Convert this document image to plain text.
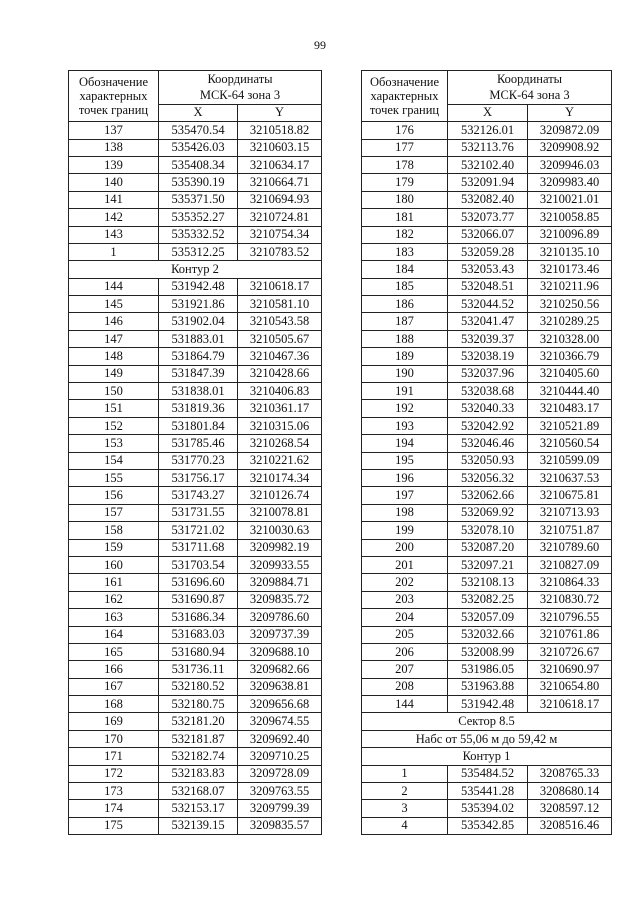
99
Обозначение характерных точек границ	Координаты	
	МСК-64 зона 3	
	X	Y
137	535470.54	3210518.82
138	535426.03	3210603.15
139	535408.34	3210634.17
140	535390.19	3210664.71
141	535371.50	3210694.93
142	535352.27	3210724.81
143	535332.52	3210754.34
1	535312.25	3210783.52
Контур 2		
144	531942.48	3210618.17
145	531921.86	3210581.10
146	531902.04	3210543.58
147	531883.01	3210505.67
148	531864.79	3210467.36
149	531847.39	3210428.66
150	531838.01	3210406.83
151	531819.36	3210361.17
152	531801.84	3210315.06
153	531785.46	3210268.54
154	531770.23	3210221.62
155	531756.17	3210174.34
156	531743.27	3210126.74
157	531731.55	3210078.81
158	531721.02	3210030.63
159	531711.68	3209982.19
160	531703.54	3209933.55
161	531696.60	3209884.71
162	531690.87	3209835.72
163	531686.34	3209786.60
164	531683.03	3209737.39
165	531680.94	3209688.10
166	531736.11	3209682.66
167	532180.52	3209638.81
168	532180.75	3209656.68
169	532181.20	3209674.55
170	532181.87	3209692.40
171	532182.74	3209710.25
172	532183.83	3209728.09
173	532168.07	3209763.55
174	532153.17	3209799.39
175	532139.15	3209835.57
Обозначение характерных точек границ	Координаты	
	МСК-64 зона 3	
	X	Y
176	532126.01	3209872.09
177	532113.76	3209908.92
178	532102.40	3209946.03
179	532091.94	3209983.40
180	532082.40	3210021.01
181	532073.77	3210058.85
182	532066.07	3210096.89
183	532059.28	3210135.10
184	532053.43	3210173.46
185	532048.51	3210211.96
186	532044.52	3210250.56
187	532041.47	3210289.25
188	532039.37	3210328.00
189	532038.19	3210366.79
190	532037.96	3210405.60
191	532038.68	3210444.40
192	532040.33	3210483.17
193	532042.92	3210521.89
194	532046.46	3210560.54
195	532050.93	3210599.09
196	532056.32	3210637.53
197	532062.66	3210675.81
198	532069.92	3210713.93
199	532078.10	3210751.87
200	532087.20	3210789.60
201	532097.21	3210827.09
202	532108.13	3210864.33
203	532082.25	3210830.72
204	532057.09	3210796.55
205	532032.66	3210761.86
206	532008.99	3210726.67
207	531986.05	3210690.97
208	531963.88	3210654.80
144	531942.48	3210618.17
Сектор 8.5		
Набс от 55,06 м до 59,42 м		
Контур 1		
1	535484.52	3208765.33
2	535441.28	3208680.14
3	535394.02	3208597.12
4	535342.85	3208516.46
